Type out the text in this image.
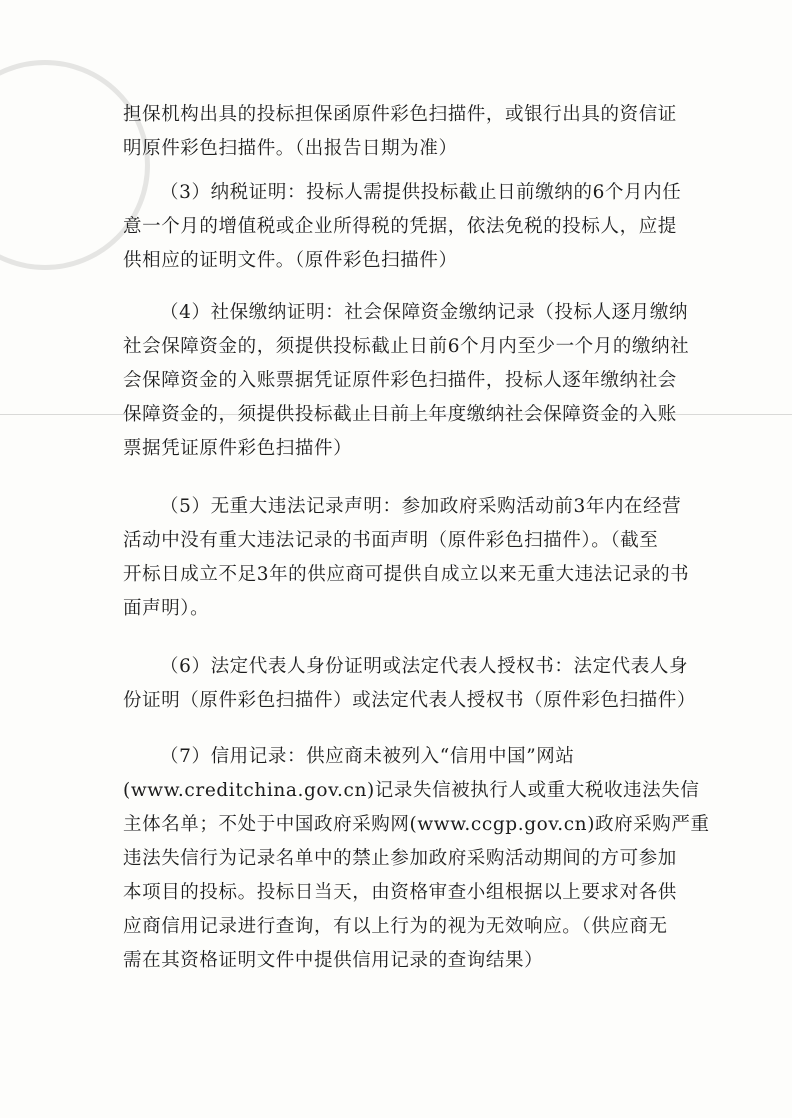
担保机构出具的投标担保函原件彩色扫描件，或银行出具的资信证
明原件彩色扫描件。（出报告日期为准）
（3）纳税证明：投标人需提供投标截止日前缴纳的6个月内任
意一个月的增值税或企业所得税的凭据，依法免税的投标人，应提
供相应的证明文件。（原件彩色扫描件）
（4）社保缴纳证明：社会保障资金缴纳记录（投标人逐月缴纳
社会保障资金的，须提供投标截止日前6个月内至少一个月的缴纳社
会保障资金的入账票据凭证原件彩色扫描件，投标人逐年缴纳社会
保障资金的，须提供投标截止日前上年度缴纳社会保障资金的入账
票据凭证原件彩色扫描件）
（5）无重大违法记录声明：参加政府采购活动前3年内在经营
活动中没有重大违法记录的书面声明（原件彩色扫描件）。（截至
开标日成立不足3年的供应商可提供自成立以来无重大违法记录的书
面声明）。
（6）法定代表人身份证明或法定代表人授权书：法定代表人身
份证明（原件彩色扫描件）或法定代表人授权书（原件彩色扫描件）
（7）信用记录：供应商未被列入“信用中国”网站
(www.creditchina.gov.cn)记录失信被执行人或重大税收违法失信
主体名单；不处于中国政府采购网(www.ccgp.gov.cn)政府采购严重
违法失信行为记录名单中的禁止参加政府采购活动期间的方可参加
本项目的投标。投标日当天，由资格审查小组根据以上要求对各供
应商信用记录进行查询，有以上行为的视为无效响应。（供应商无
需在其资格证明文件中提供信用记录的查询结果）
